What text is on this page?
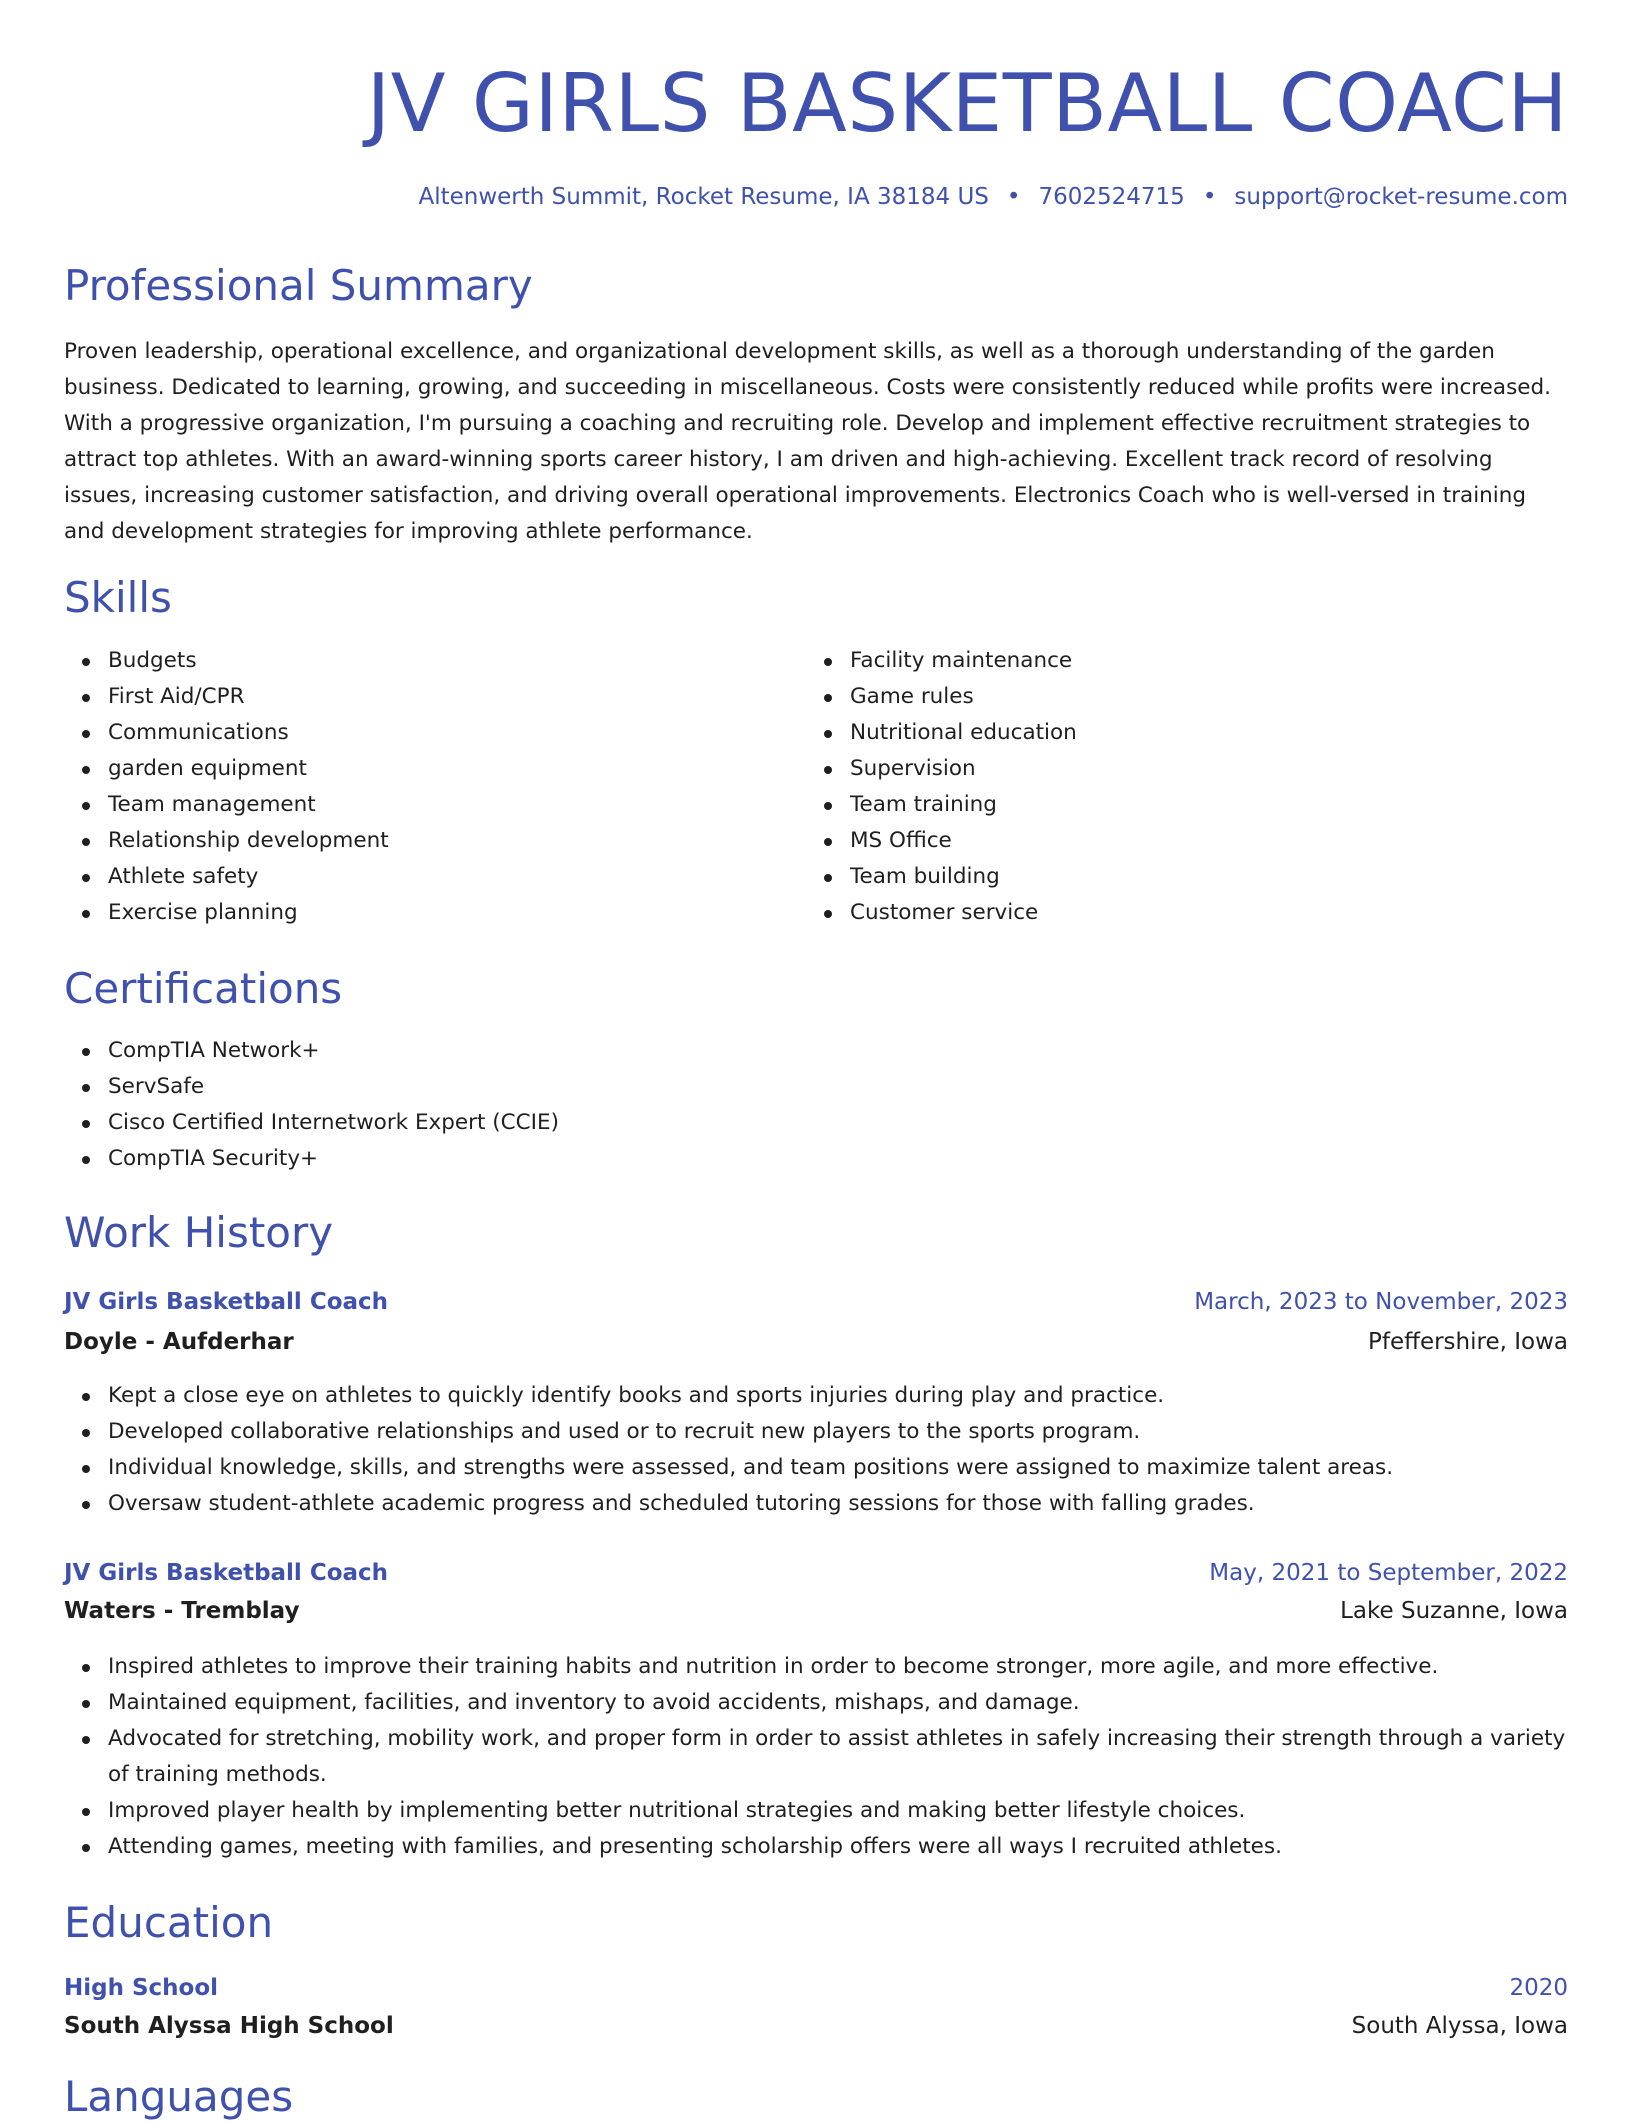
JV GIRLS BASKETBALL COACH
Altenwerth Summit, Rocket Resume, IA 38184 US • 7602524715 • support@rocket-resume.com
Professional Summary

Proven leadership, operational excellence, and organizational development skills, as well as a thorough understanding of the garden business. Dedicated to learning, growing, and succeeding in miscellaneous. Costs were consistently reduced while profits were increased. With a progressive organization, I'm pursuing a coaching and recruiting role. Develop and implement effective recruitment strategies to attract top athletes. With an award-winning sports career history, I am driven and high-achieving. Excellent track record of resolving issues, increasing customer satisfaction, and driving overall operational improvements. Electronics Coach who is well-versed in training and development strategies for improving athlete performance.

Skills
Budgets
First Aid/CPR
Communications
garden equipment
Team management
Relationship development
Athlete safety
Exercise planning
Facility maintenance
Game rules
Nutritional education
Supervision
Team training
MS Office
Team building
Customer service
Certifications
CompTIA Network+
ServSafe
Cisco Certified Internetwork Expert (CCIE)
CompTIA Security+
Work History
JV Girls Basketball Coach	March, 2023 to November, 2023
Doyle - Aufderhar	Pfeffershire, Iowa
Kept a close eye on athletes to quickly identify books and sports injuries during play and practice.
Developed collaborative relationships and used or to recruit new players to the sports program.
Individual knowledge, skills, and strengths were assessed, and team positions were assigned to maximize talent areas.
Oversaw student-athlete academic progress and scheduled tutoring sessions for those with falling grades.
JV Girls Basketball Coach	May, 2021 to September, 2022
Waters - Tremblay	Lake Suzanne, Iowa
Inspired athletes to improve their training habits and nutrition in order to become stronger, more agile, and more effective.
Maintained equipment, facilities, and inventory to avoid accidents, mishaps, and damage.
Advocated for stretching, mobility work, and proper form in order to assist athletes in safely increasing their strength through a variety of training methods.
Improved player health by implementing better nutritional strategies and making better lifestyle choices.
Attending games, meeting with families, and presenting scholarship offers were all ways I recruited athletes.
Education
High School	2020
South Alyssa High School	South Alyssa, Iowa
Languages
